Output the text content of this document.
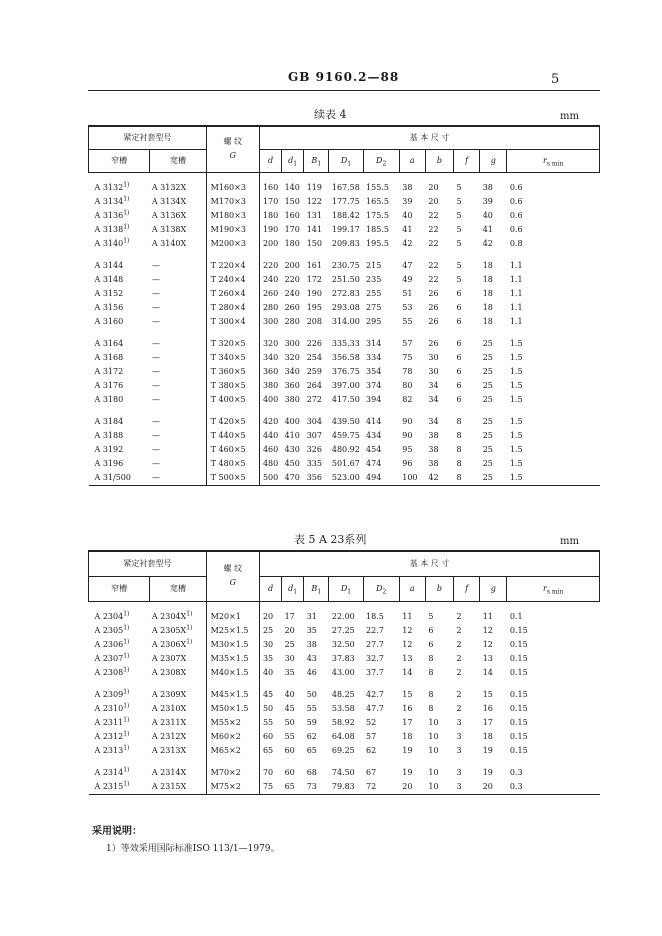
GB 9160.2—88	5
续表 4	mm
紧定衬套型号		螺 纹
G	基 本 尺 寸									
窄槽	宽槽		d	$d_1$	$B_1$	$D_1$	$D_2$	a	b	f	g	$r_{s min}$

A 3132$^{1)}$	A 3132X	M160×3	160	140	119	167.58	155.5	38	20	5	38	0.6
A 3134$^{1)}$	A 3134X	M170×3	170	150	122	177.75	165.5	39	20	5	39	0.6
A 3136$^{1)}$	A 3136X	M180×3	180	160	131	188.42	175.5	40	22	5	40	0.6
A 3138$^{1)}$	A 3138X	M190×3	190	170	141	199.17	185.5	41	22	5	41	0.6
A 3140$^{1)}$	A 3140X	M200×3	200	180	150	209.83	195.5	42	22	5	42	0.8

A 3144	—	T 220×4	220	200	161	230.75	215	47	22	5	18	1.1
A 3148	—	T 240×4	240	220	172	251.50	235	49	22	5	18	1.1
A 3152	—	T 260×4	260	240	190	272.83	255	51	26	6	18	1.1
A 3156	—	T 280×4	280	260	195	293.08	275	53	26	6	18	1.1
A 3160	—	T 300×4	300	280	208	314.00	295	55	26	6	18	1.1

A 3164	—	T 320×5	320	300	226	335.33	314	57	26	6	25	1.5
A 3168	—	T 340×5	340	320	254	356.58	334	75	30	6	25	1.5
A 3172	—	T 360×5	360	340	259	376.75	354	78	30	6	25	1.5
A 3176	—	T 380×5	380	360	264	397.00	374	80	34	6	25	1.5
A 3180	—	T 400×5	400	380	272	417.50	394	82	34	6	25	1.5

A 3184	—	T 420×5	420	400	304	439.50	414	90	34	8	25	1.5
A 3188	—	T 440×5	440	410	307	459.75	434	90	38	8	25	1.5
A 3192	—	T 460×5	460	430	326	480.92	454	95	38	8	25	1.5
A 3196	—	T 480×5	480	450	335	501.67	474	96	38	8	25	1.5
A 31/500	—	T 500×5	500	470	356	523.00	494	100	42	8	25	1.5
表 5 A 23系列	mm
紧定衬套型号		螺 纹
G	基 本 尺 寸									
窄槽	宽槽		d	$d_1$	$B_1$	$D_1$	$D_2$	a	b	f	g	$r_{s min}$

A 2304$^{1)}$	A $2304X^{1)}$	M20×1	20	17	31	22.00	18.5	11	5	2	11	0.1
A 2305$^{1)}$	A $2305X^{1)}$	M25×1.5	25	20	35	27.25	22.7	12	6	2	12	0.15
A 2306$^{1)}$	A $2306X^{1)}$	M30×1.5	30	25	38	32.50	27.7	12	6	2	12	0.15
A 2307$^{1)}$	A 2307X	M35×1.5	35	30	43	37.83	32.7	13	8	2	13	0.15
A 2308$^{1)}$	A 2308X	M40×1.5	40	35	46	43.00	37.7	14	8	2	14	0.15

A 2309$^{1)}$	A 2309X	M45×1.5	45	40	50	48.25	42.7	15	8	2	15	0.15
A 2310$^{1)}$	A 2310X	M50×1.5	50	45	55	53.58	47.7	16	8	2	16	0.15
A 2311$^{1)}$	A 2311X	M55×2	55	50	59	58.92	52	17	10	3	17	0.15
A 2312$^{1)}$	A 2312X	M60×2	60	55	62	64.08	57	18	10	3	18	0.15
A 2313$^{1)}$	A 2313X	M65×2	65	60	65	69.25	62	19	10	3	19	0.15

A 2314$^{1)}$	A 2314X	M70×2	70	60	68	74.50	67	19	10	3	19	0.3
A 2315$^{1)}$	A 2315X	M75×2	75	65	73	79.83	72	20	10	3	20	0.3
采用说明：
1）等效采用国际标准ISO 113/1—1979。
